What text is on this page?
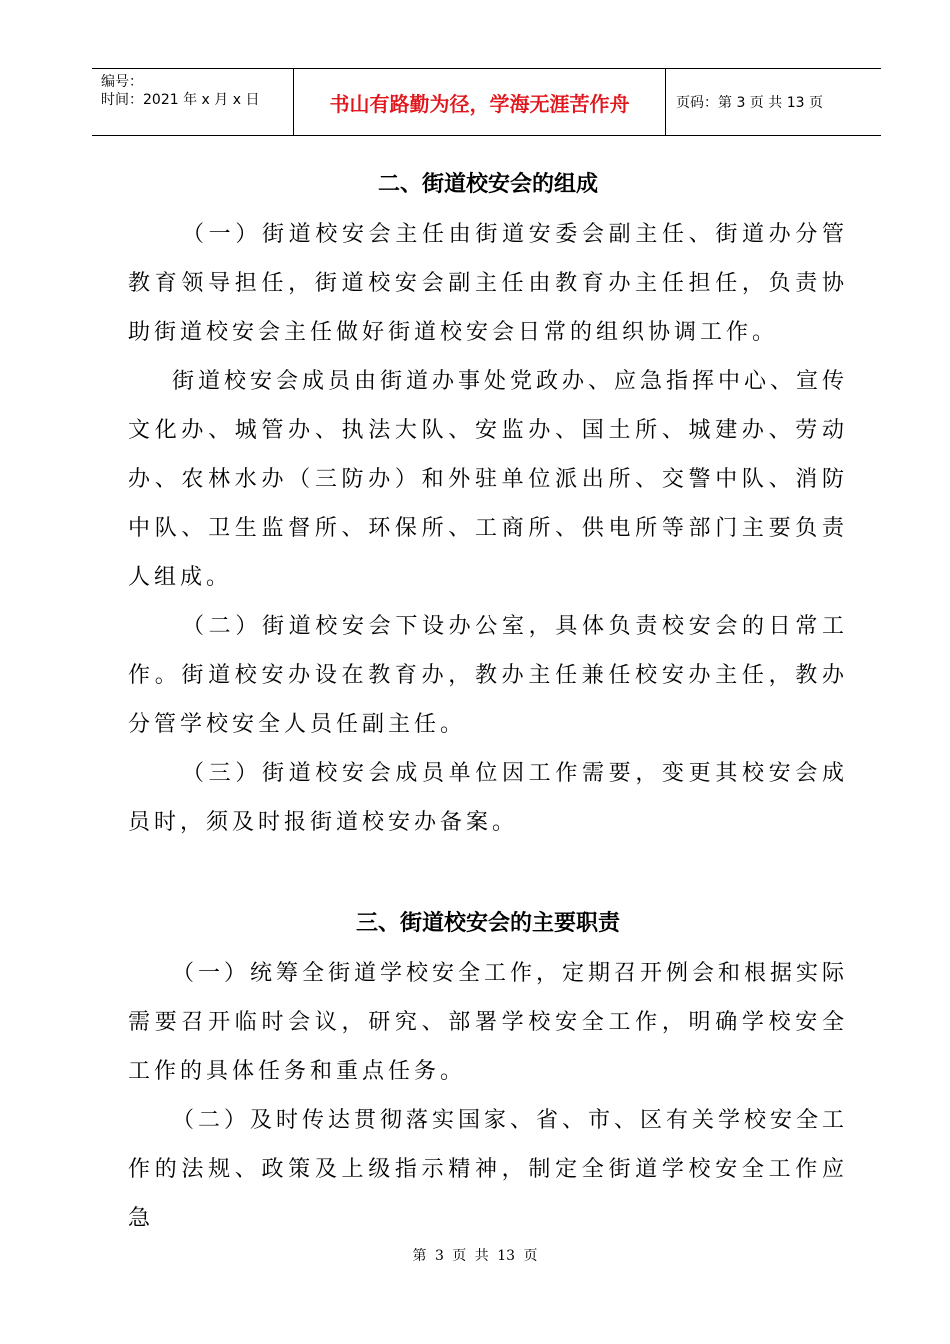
编号：
时间：2021 年 x 月 x 日	书山有路勤为径，学海无涯苦作舟	页码：第 3 页 共 13 页
二、街道校安会的组成

（一）街道校安会主任由街道安委会副主任、街道办分管教育领导担任，街道校安会副主任由教育办主任担任，负责协助街道校安会主任做好街道校安会日常的组织协调工作。

街道校安会成员由街道办事处党政办、应急指挥中心、宣传文化办、城管办、执法大队、安监办、国土所、城建办、劳动办、农林水办（三防办）和外驻单位派出所、交警中队、消防中队、卫生监督所、环保所、工商所、供电所等部门主要负责人组成。

（二）街道校安会下设办公室，具体负责校安会的日常工作。街道校安办设在教育办，教办主任兼任校安办主任，教办分管学校安全人员任副主任。

（三）街道校安会成员单位因工作需要，变更其校安会成员时，须及时报街道校安办备案。

三、街道校安会的主要职责

（一）统筹全街道学校安全工作，定期召开例会和根据实际需要召开临时会议，研究、部署学校安全工作，明确学校安全工作的具体任务和重点任务。

（二）及时传达贯彻落实国家、省、市、区有关学校安全工作的法规、政策及上级指示精神，制定全街道学校安全工作应急

第 3 页 共 13 页
